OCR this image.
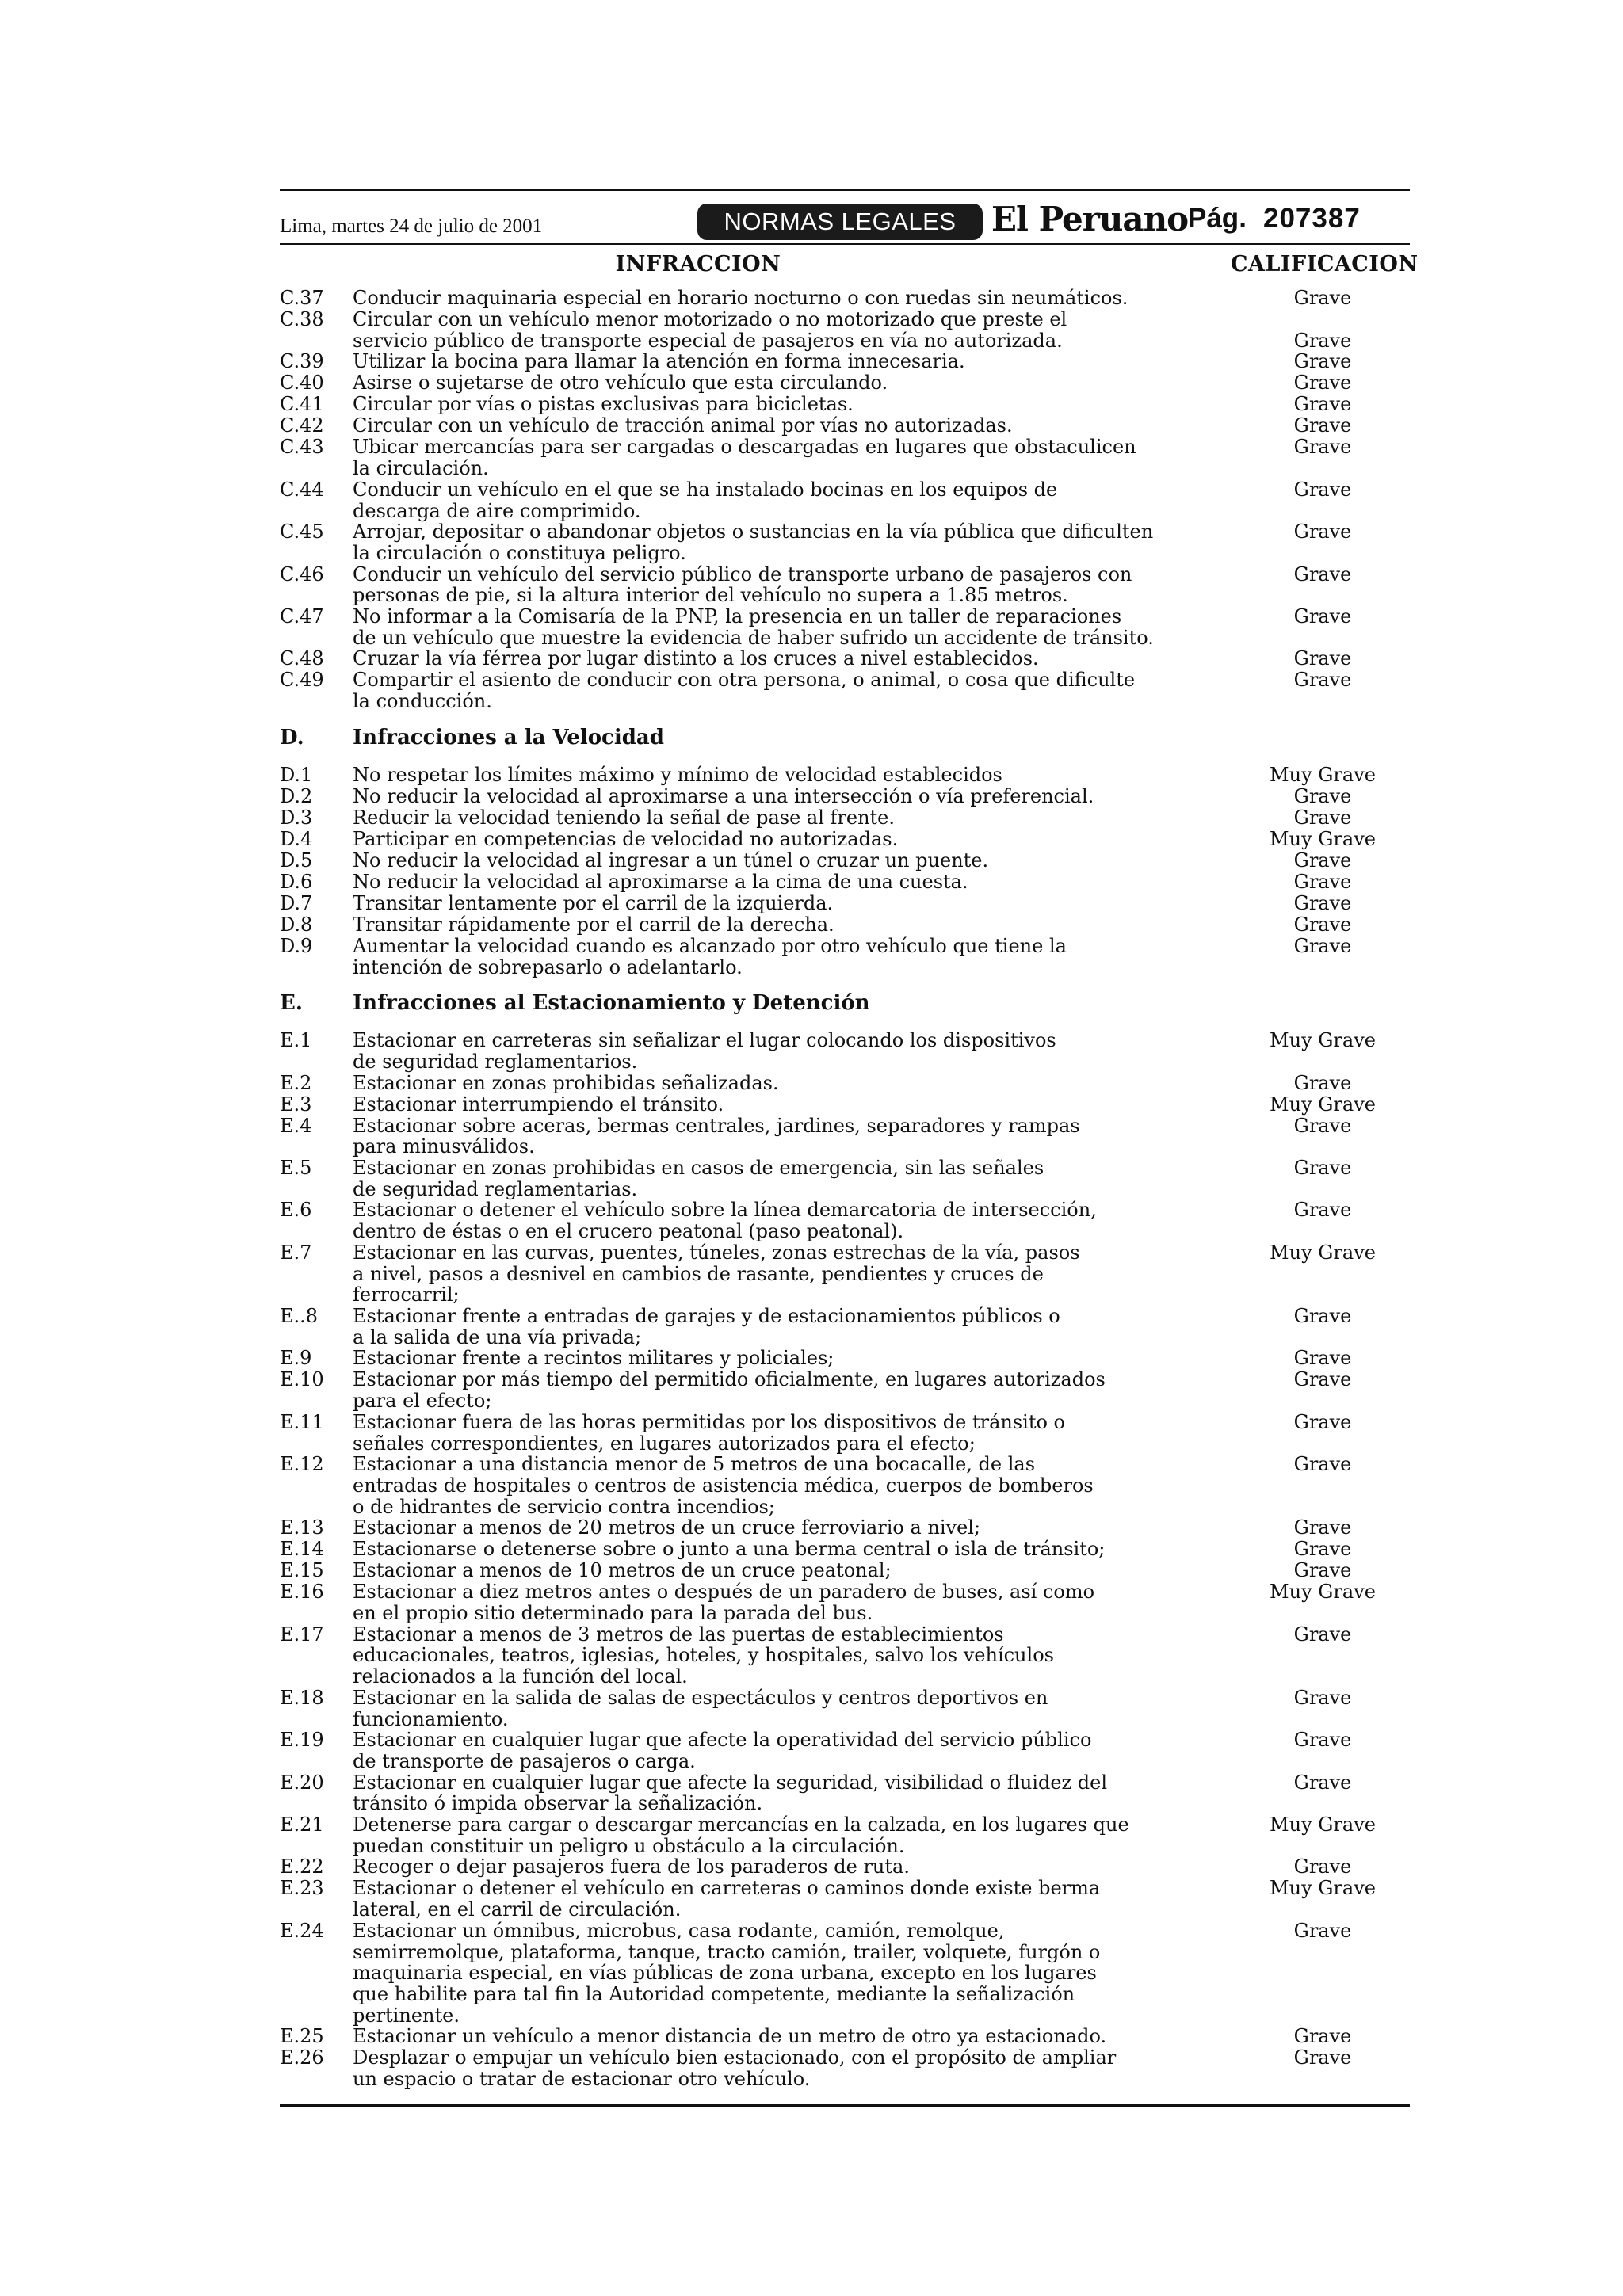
Lima, martes 24 de julio de 2001	NORMAS LEGALES	El Peruano Pág. 207387
INFRACCION	CALIFICACION
C.37 Conducir maquinaria especial en horario nocturno o con ruedas sin neumáticos.	Grave
C.38 Circular con un vehículo menor motorizado o no motorizado que preste el
servicio público de transporte especial de pasajeros en vía no autorizada.	Grave
C.39 Utilizar la bocina para llamar la atención en forma innecesaria.	Grave
C.40 Asirse o sujetarse de otro vehículo que esta circulando.	Grave
C.41 Circular por vías o pistas exclusivas para bicicletas.	Grave
C.42 Circular con un vehículo de tracción animal por vías no autorizadas.	Grave
C.43 Ubicar mercancías para ser cargadas o descargadas en lugares que obstaculicen
la circulación.
Grave
C.44 Conducir un vehículo en el que se ha instalado bocinas en los equipos de
descarga de aire comprimido.
Grave
C.45 Arrojar, depositar o abandonar objetos o sustancias en la vía pública que dificulten
la circulación o constituya peligro.
Grave
C.46 Conducir un vehículo del servicio público de transporte urbano de pasajeros con
personas de pie, si la altura interior del vehículo no supera a 1.85 metros.
Grave
C.47 No informar a la Comisaría de la PNP, la presencia en un taller de reparaciones
de un vehículo que muestre la evidencia de haber sufrido un accidente de tránsito.
Grave
C.48 Cruzar la vía férrea por lugar distinto a los cruces a nivel establecidos.	Grave
C.49 Compartir el asiento de conducir con otra persona, o animal, o cosa que dificulte
la conducción.
Grave
D. Infracciones a la Velocidad
D.1 No respetar los límites máximo y mínimo de velocidad establecidos	Muy Grave
D.2 No reducir la velocidad al aproximarse a una intersección o vía preferencial.	Grave
D.3 Reducir la velocidad teniendo la señal de pase al frente.	Grave
D.4 Participar en competencias de velocidad no autorizadas.	Muy Grave
D.5 No reducir la velocidad al ingresar a un túnel o cruzar un puente.	Grave
D.6 No reducir la velocidad al aproximarse a la cima de una cuesta.	Grave
D.7 Transitar lentamente por el carril de la izquierda.	Grave
D.8 Transitar rápidamente por el carril de la derecha.	Grave
D.9 Aumentar la velocidad cuando es alcanzado por otro vehículo que tiene la
intención de sobrepasarlo o adelantarlo.
Grave
E. Infracciones al Estacionamiento y Detención
E.1 Estacionar en carreteras sin señalizar el lugar colocando los dispositivos
de seguridad reglamentarios.
Muy Grave
E.2 Estacionar en zonas prohibidas señalizadas.	Grave
E.3 Estacionar interrumpiendo el tránsito.	Muy Grave
E.4 Estacionar sobre aceras, bermas centrales, jardines, separadores y rampas
para minusválidos.
Grave
E.5 Estacionar en zonas prohibidas en casos de emergencia, sin las señales
de seguridad reglamentarias.
Grave
E.6 Estacionar o detener el vehículo sobre la línea demarcatoria de intersección,
dentro de éstas o en el crucero peatonal (paso peatonal).
Grave
E.7 Estacionar en las curvas, puentes, túneles, zonas estrechas de la vía, pasos
a nivel, pasos a desnivel en cambios de rasante, pendientes y cruces de
ferrocarril;
Muy Grave
E..8 Estacionar frente a entradas de garajes y de estacionamientos públicos o
a la salida de una vía privada;
Grave
E.9 Estacionar frente a recintos militares y policiales;	Grave
E.10 Estacionar por más tiempo del permitido oficialmente, en lugares autorizados
para el efecto;
Grave
E.11 Estacionar fuera de las horas permitidas por los dispositivos de tránsito o
señales correspondientes, en lugares autorizados para el efecto;
Grave
E.12 Estacionar a una distancia menor de 5 metros de una bocacalle, de las
entradas de hospitales o centros de asistencia médica, cuerpos de bomberos
o de hidrantes de servicio contra incendios;
Grave
E.13 Estacionar a menos de 20 metros de un cruce ferroviario a nivel;	Grave
E.14 Estacionarse o detenerse sobre o junto a una berma central o isla de tránsito;	Grave
E.15 Estacionar a menos de 10 metros de un cruce peatonal;	Grave
E.16 Estacionar a diez metros antes o después de un paradero de buses, así como
en el propio sitio determinado para la parada del bus.
Muy Grave
E.17 Estacionar a menos de 3 metros de las puertas de establecimientos
educacionales, teatros, iglesias, hoteles, y hospitales, salvo los vehículos
relacionados a la función del local.
Grave
E.18 Estacionar en la salida de salas de espectáculos y centros deportivos en
funcionamiento.
Grave
E.19 Estacionar en cualquier lugar que afecte la operatividad del servicio público
de transporte de pasajeros o carga.
Grave
E.20 Estacionar en cualquier lugar que afecte la seguridad, visibilidad o fluidez del
tránsito ó impida observar la señalización.
Grave
E.21 Detenerse para cargar o descargar mercancías en la calzada, en los lugares que
puedan constituir un peligro u obstáculo a la circulación.
Muy Grave
E.22 Recoger o dejar pasajeros fuera de los paraderos de ruta.	Grave
E.23 Estacionar o detener el vehículo en carreteras o caminos donde existe berma
lateral, en el carril de circulación.
Muy Grave
E.24 Estacionar un ómnibus, microbus, casa rodante, camión, remolque,
semirremolque, plataforma, tanque, tracto camión, trailer, volquete, furgón o
maquinaria especial, en vías públicas de zona urbana, excepto en los lugares
que habilite para tal fin la Autoridad competente, mediante la señalización
pertinente.
Grave
E.25 Estacionar un vehículo a menor distancia de un metro de otro ya estacionado.	Grave
E.26 Desplazar o empujar un vehículo bien estacionado, con el propósito de ampliar
un espacio o tratar de estacionar otro vehículo.
Grave
